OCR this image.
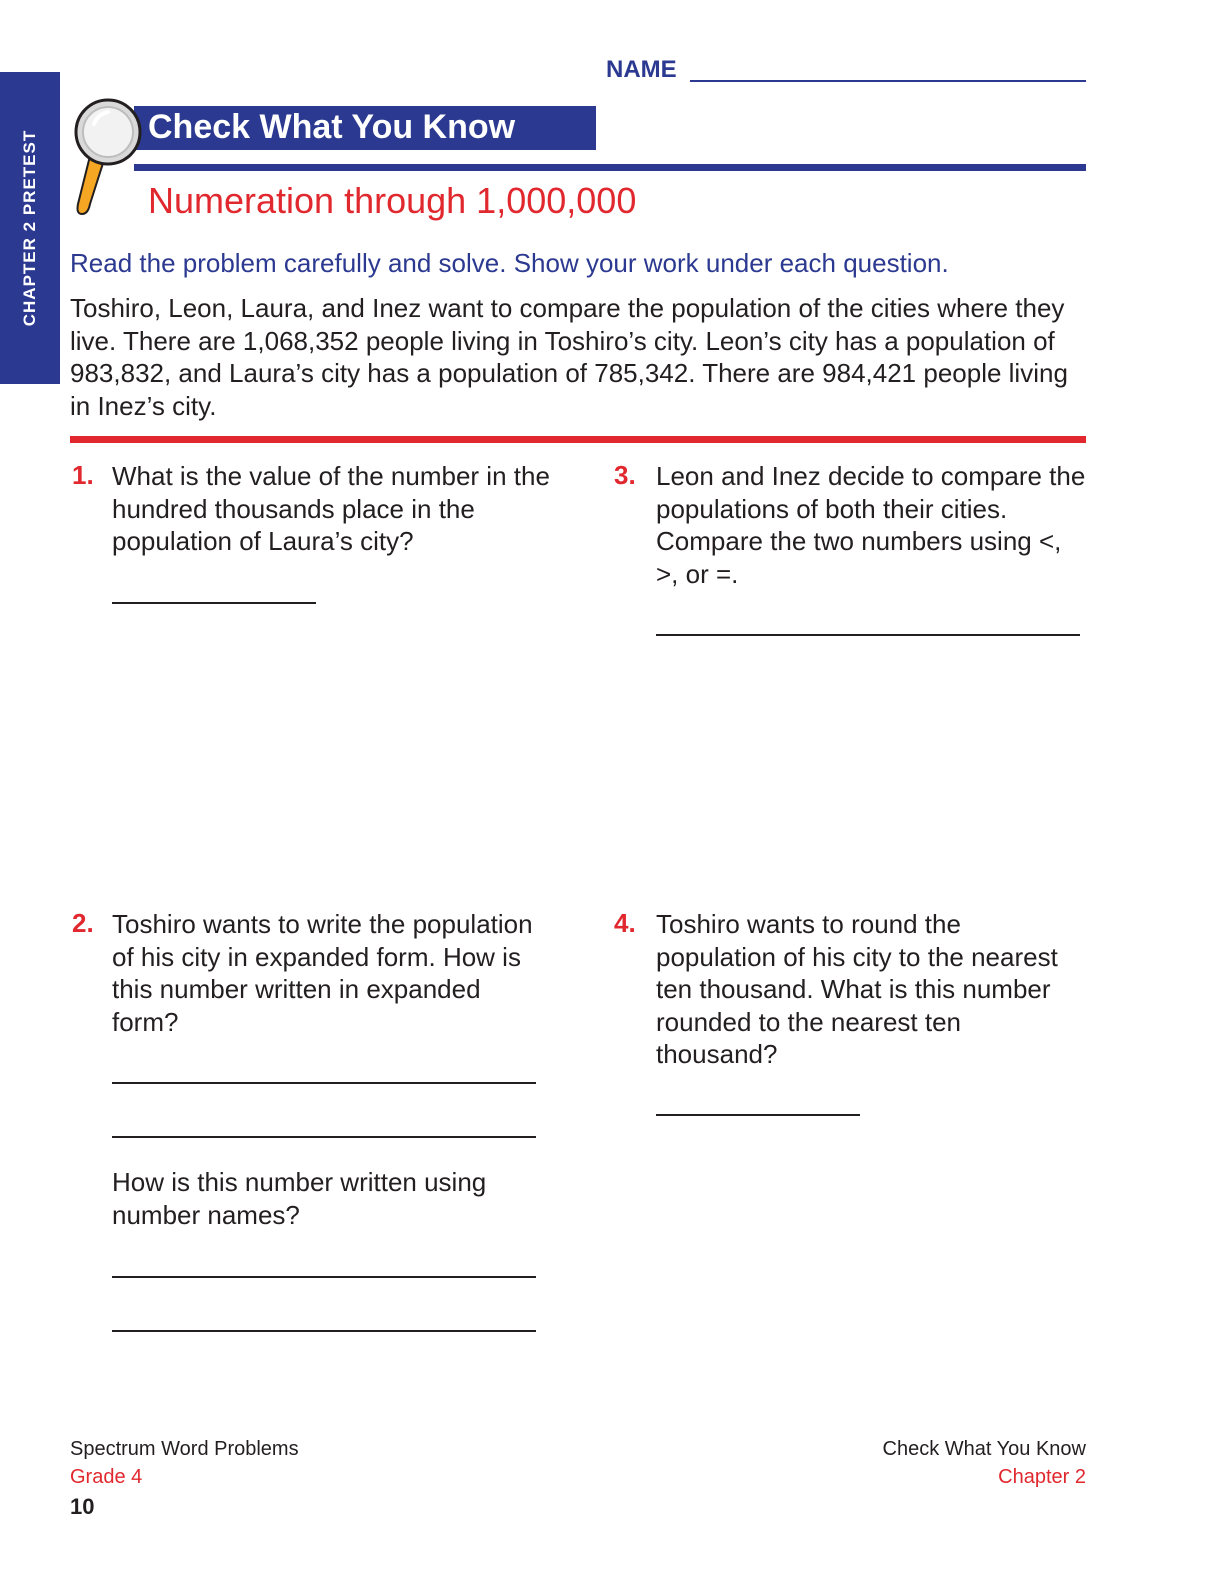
CHAPTER 2 PRETEST
NAME
Check What You Know
Numeration through 1,000,000
Read the problem carefully and solve. Show your work under each question.
Toshiro, Leon, Laura, and Inez want to compare the population of the cities where they live. There are 1,068,352 people living in Toshiro’s city. Leon’s city has a population of 983,832, and Laura’s city has a population of 785,342. There are 984,421 people living in Inez’s city.
1. What is the value of the number in the hundred thousands place in the population of Laura’s city?
3. Leon and Inez decide to compare the populations of both their cities. Compare the two numbers using <, >, or =.
2. Toshiro wants to write the population of his city in expanded form. How is this number written in expanded form?
How is this number written using number names?
4. Toshiro wants to round the population of his city to the nearest ten thousand. What is this number rounded to the nearest ten thousand?
Spectrum Word Problems
Grade 4
10
Check What You Know
Chapter 2
